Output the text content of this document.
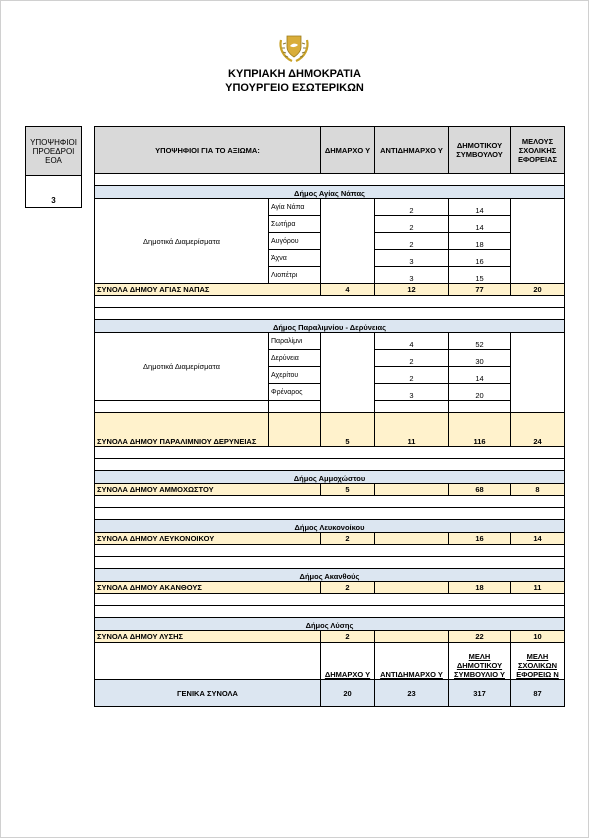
ΚΥΠΡΙΑΚΗ ΔΗΜΟΚΡΑΤΙΑ
ΥΠΟΥΡΓΕΙΟ ΕΣΩΤΕΡΙΚΩΝ
ΥΠΟΨΗΦΙΟΙ ΠΡΟΕΔΡΟΙ ΕΟΑ
3
ΥΠΟΨΗΦΙΟΙ ΓΙΑ ΤΟ ΑΞΙΩΜΑ:		ΔΗΜΑΡΧΟ Υ	ΑΝΤΙΔΗΜΑΡΧΟ Υ	ΔΗΜΟΤΙΚΟΥ ΣΥΜΒΟΥΛΟΥ	ΜΕΛΟΥΣ ΣΧΟΛΙΚΗΣ ΕΦΟΡΕΙΑΣ

Δήμος Αγίας Νάπας					
Δημοτικά Διαμερίσματα	Αγία Νάπα		2	14	
	Σωτήρα		2	14	
	Αυγόρου		2	18	
	Άχνα		3	16	
	Λιοπέτρι		3	15	
ΣΥΝΟΛΑ ΔΗΜΟΥ ΑΓΙΑΣ ΝΑΠΑΣ		4	12	77	20

Δήμος Παραλιμνίου - Δερύνειας					
Δημοτικά Διαμερίσματα	Παραλίμνι		4	52	
	Δερύνεια		2	30	
	Αχερίτου		2	14	
	Φρέναρος		3	20	

ΣΥΝΟΛΑ ΔΗΜΟΥ ΠΑΡΑΛΙΜΝΙΟΥ ΔΕΡΥΝΕΙΑΣ		5	11	116	24

Δήμος Αμμοχώστου					
ΣΥΝΟΛΑ ΔΗΜΟΥ ΑΜΜΟΧΩΣΤΟΥ		5		68	8

Δήμος Λευκονοίκου					
ΣΥΝΟΛΑ ΔΗΜΟΥ ΛΕΥΚΟΝΟΙΚΟΥ		2		16	14

Δήμος Ακανθούς					
ΣΥΝΟΛΑ ΔΗΜΟΥ ΑΚΑΝΘΟΥΣ		2		18	11

Δήμος Λύσης					
ΣΥΝΟΛΑ ΔΗΜΟΥ ΛΥΣΗΣ		2		22	10
		ΔΗΜΑΡΧΟ Υ	ΑΝΤΙΔΗΜΑΡΧΟ Υ	ΜΕΛΗ ΔΗΜΟΤΙΚΟΥ ΣΥΜΒΟΥΛΙΟ Υ	ΜΕΛΗ ΣΧΟΛΙΚΩΝ ΕΦΟΡΕΙΩ Ν
ΓΕΝΙΚΑ ΣΥΝΟΛΑ		20	23	317	87
